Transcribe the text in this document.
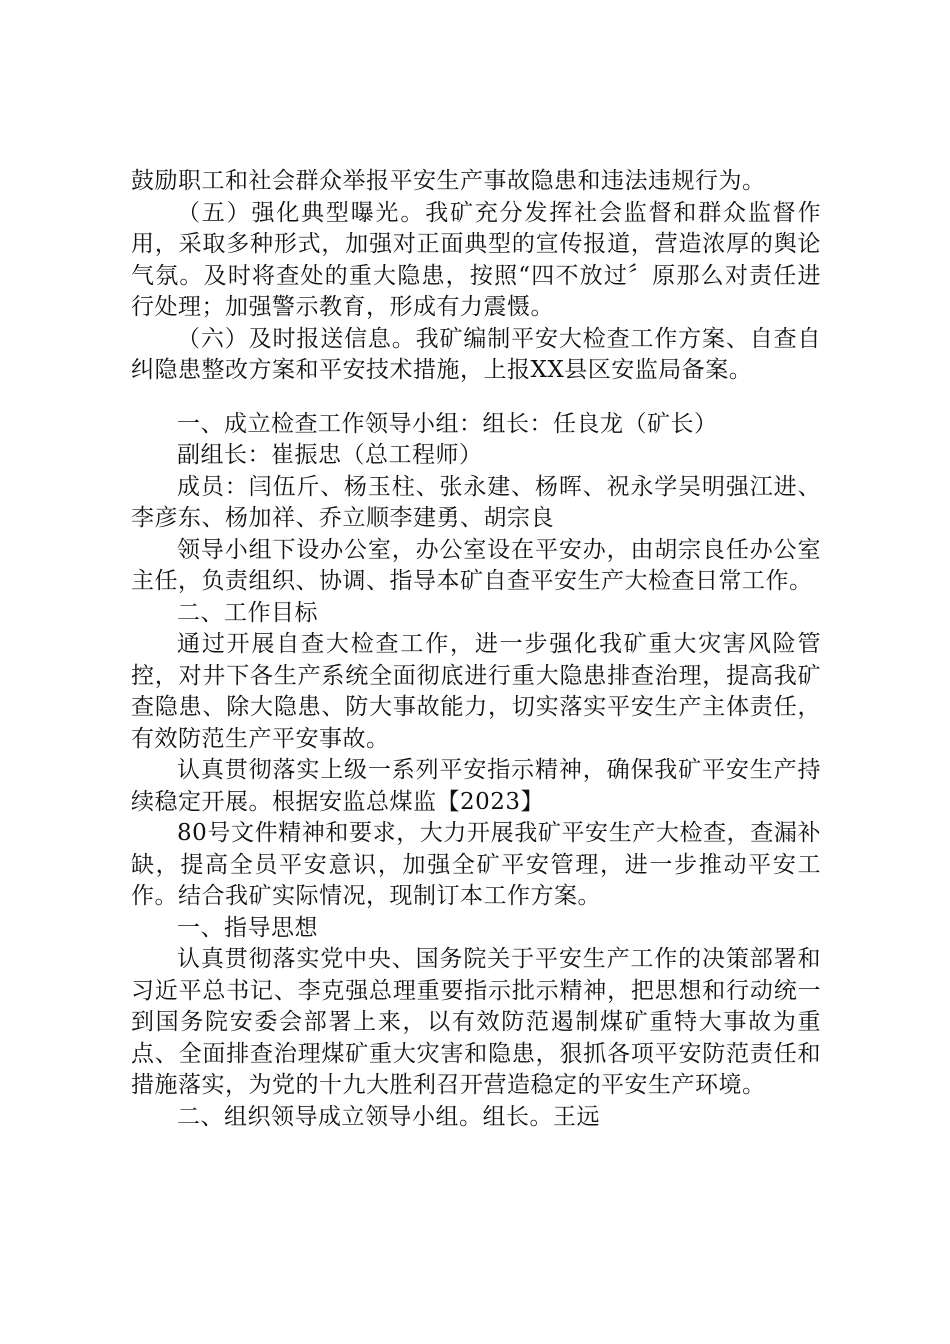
鼓励职工和社会群众举报平安生产事故隐患和违法违规行为。

（五）强化典型曝光。我矿充分发挥社会监督和群众监督作用，采取多种形式，加强对正面典型的宣传报道，营造浓厚的舆论气氛。及时将查处的重大隐患，按照“四不放过〞原那么对责任进行处理；加强警示教育，形成有力震慑。

（六）及时报送信息。我矿编制平安大检查工作方案、自查自纠隐患整改方案和平安技术措施，上报XX县区安监局备案。

一、成立检查工作领导小组：组长：任良龙（矿长）

副组长：崔振忠（总工程师）

成员：闫伍斤、杨玉柱、张永建、杨晖、祝永学吴明强江进、李彦东、杨加祥、乔立顺李建勇、胡宗良

领导小组下设办公室，办公室设在平安办，由胡宗良任办公室主任，负责组织、协调、指导本矿自查平安生产大检查日常工作。

二、工作目标

通过开展自查大检查工作，进一步强化我矿重大灾害风险管控，对井下各生产系统全面彻底进行重大隐患排查治理，提高我矿查隐患、除大隐患、防大事故能力，切实落实平安生产主体责任，有效防范生产平安事故。

认真贯彻落实上级一系列平安指示精神，确保我矿平安生产持续稳定开展。根据安监总煤监【2023】

80号文件精神和要求，大力开展我矿平安生产大检查，查漏补缺，提高全员平安意识，加强全矿平安管理，进一步推动平安工作。结合我矿实际情况，现制订本工作方案。

一、指导思想

认真贯彻落实党中央、国务院关于平安生产工作的决策部署和习近平总书记、李克强总理重要指示批示精神，把思想和行动统一到国务院安委会部署上来，以有效防范遏制煤矿重特大事故为重点、全面排查治理煤矿重大灾害和隐患，狠抓各项平安防范责任和措施落实，为党的十九大胜利召开营造稳定的平安生产环境。

二、组织领导成立领导小组。组长。王远
